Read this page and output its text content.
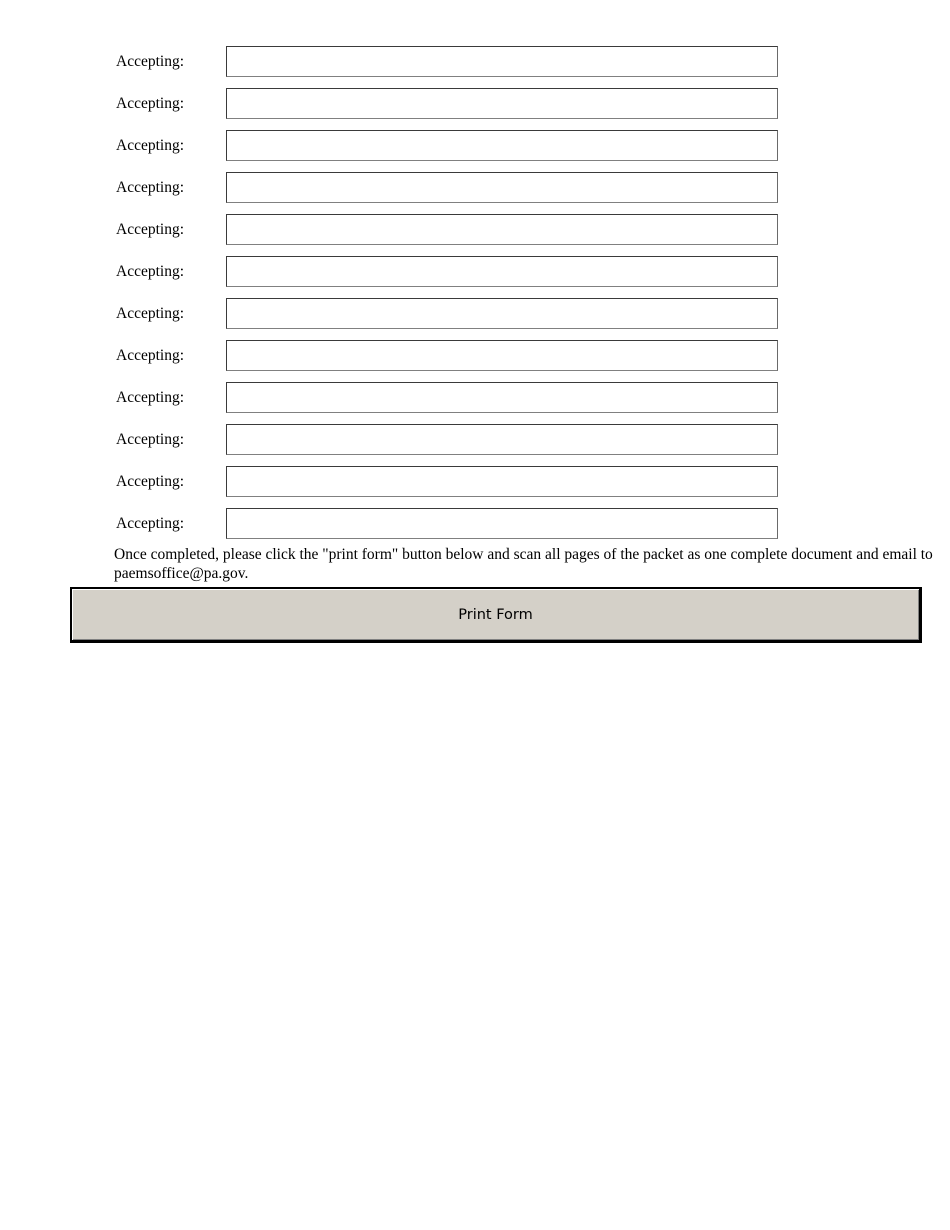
Accepting:
Accepting:
Accepting:
Accepting:
Accepting:
Accepting:
Accepting:
Accepting:
Accepting:
Accepting:
Accepting:
Accepting:
Once completed, please click the "print form" button below and scan all pages of the packet as one complete document and email to paemsoffice@pa.gov.
Print Form
